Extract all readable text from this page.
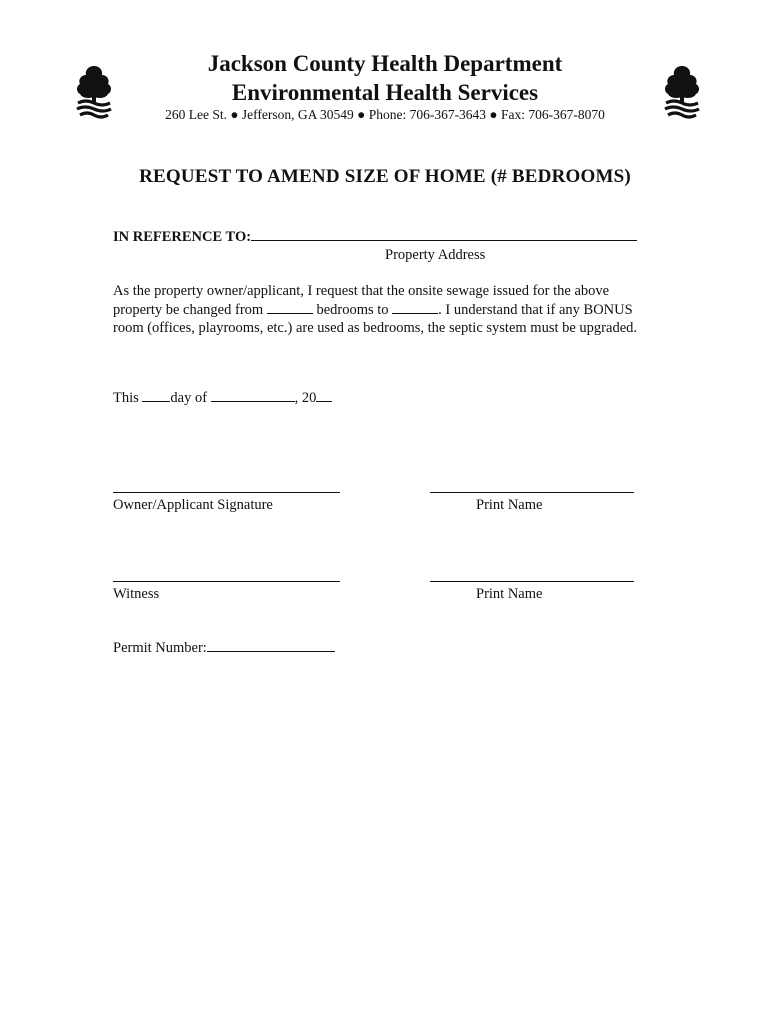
Jackson County Health Department
Environmental Health Services
260 Lee St. ● Jefferson, GA 30549 ● Phone: 706-367-3643 ● Fax: 706-367-8070
REQUEST TO AMEND SIZE OF HOME (# BEDROOMS)
IN REFERENCE TO:
Property Address
As the property owner/applicant, I request that the onsite sewage issued for the above property be changed from	bedrooms to	. I understand that if any BONUS room (offices, playrooms, etc.) are used as bedrooms, the septic system must be upgraded.
This day of	, 20
Owner/Applicant Signature	Print Name
Witness	Print Name
Permit Number:
